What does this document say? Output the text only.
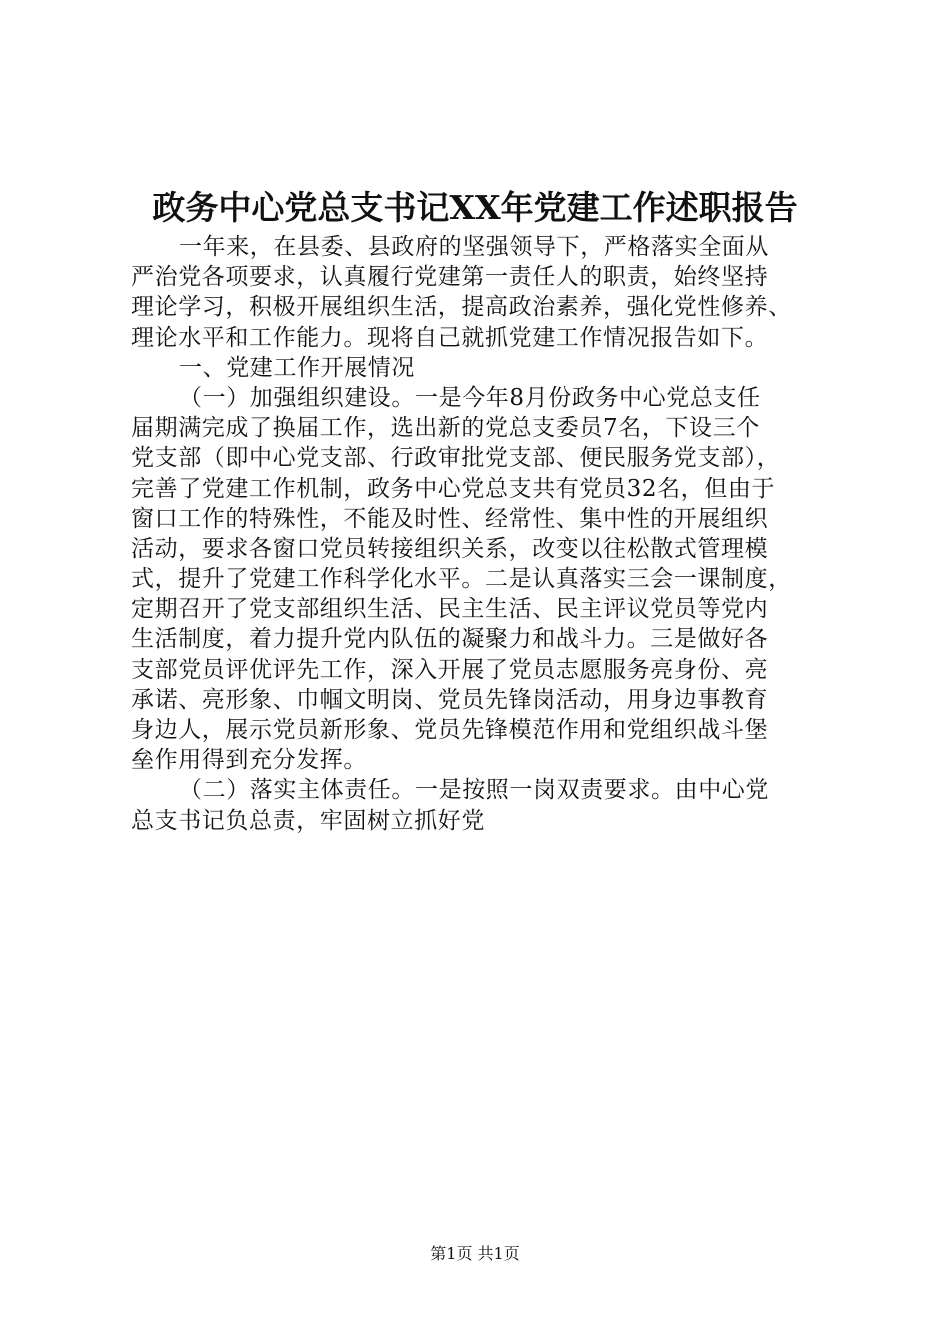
政务中心党总支书记XX年党建工作述职报告
一年来，在县委、县政府的坚强领导下，严格落实全面从
严治党各项要求，认真履行党建第一责任人的职责，始终坚持
理论学习，积极开展组织生活，提高政治素养，强化党性修养、
理论水平和工作能力。现将自己就抓党建工作情况报告如下。
一、党建工作开展情况
（一）加强组织建设。一是今年8月份政务中心党总支任
届期满完成了换届工作，选出新的党总支委员7名，下设三个
党支部（即中心党支部、行政审批党支部、便民服务党支部），
完善了党建工作机制，政务中心党总支共有党员32名，但由于
窗口工作的特殊性，不能及时性、经常性、集中性的开展组织
活动，要求各窗口党员转接组织关系，改变以往松散式管理模
式，提升了党建工作科学化水平。二是认真落实三会一课制度，
定期召开了党支部组织生活、民主生活、民主评议党员等党内
生活制度，着力提升党内队伍的凝聚力和战斗力。三是做好各
支部党员评优评先工作，深入开展了党员志愿服务亮身份、亮
承诺、亮形象、巾帼文明岗、党员先锋岗活动，用身边事教育
身边人，展示党员新形象、党员先锋模范作用和党组织战斗堡
垒作用得到充分发挥。
（二）落实主体责任。一是按照一岗双责要求。由中心党
总支书记负总责，牢固树立抓好党
第1页 共1页
